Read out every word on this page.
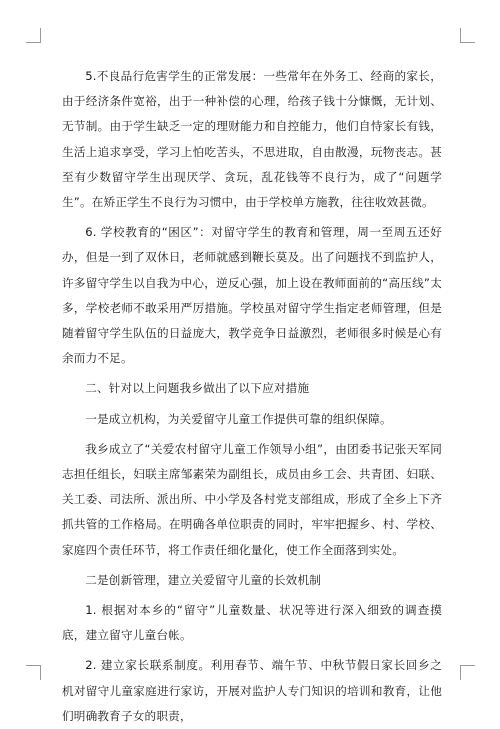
5.不良品行危害学生的正常发展：一些常年在外务工、经商的家长，由于经济条件宽裕，出于一种补偿的心理，给孩子钱十分慷慨，无计划、无节制。由于学生缺乏一定的理财能力和自控能力，他们自恃家长有钱，生活上追求享受，学习上怕吃苦头，不思进取，自由散漫，玩物丧志。甚至有少数留守学生出现厌学、贪玩，乱花钱等不良行为，成了“问题学生”。在矫正学生不良行为习惯中，由于学校单方施教，往往收效甚微。

6. 学校教育的“困区”：对留守学生的教育和管理，周一至周五还好办，但是一到了双休日，老师就感到鞭长莫及。出了问题找不到监护人，许多留守学生以自我为中心，逆反心强，加上设在教师面前的“高压线”太多，学校老师不敢采用严厉措施。学校虽对留守学生指定老师管理，但是随着留守学生队伍的日益庞大，教学竞争日益激烈，老师很多时候是心有余而力不足。

二、针对以上问题我乡做出了以下应对措施

一是成立机构，为关爱留守儿童工作提供可靠的组织保障。

我乡成立了“关爱农村留守儿童工作领导小组”，由团委书记张天军同志担任组长，妇联主席邹素荣为副组长，成员由乡工会、共青团、妇联、关工委、司法所、派出所、中小学及各村党支部组成，形成了全乡上下齐抓共管的工作格局。在明确各单位职责的同时，牢牢把握乡、村、学校、家庭四个责任环节，将工作责任细化量化，使工作全面落到实处。

二是创新管理，建立关爱留守儿童的长效机制

1. 根据对本乡的“留守”儿童数量、状况等进行深入细致的调查摸底，建立留守儿童台帐。

2. 建立家长联系制度。利用春节、端午节、中秋节假日家长回乡之机对留守儿童家庭进行家访，开展对监护人专门知识的培训和教育，让他们明确教育子女的职责，
